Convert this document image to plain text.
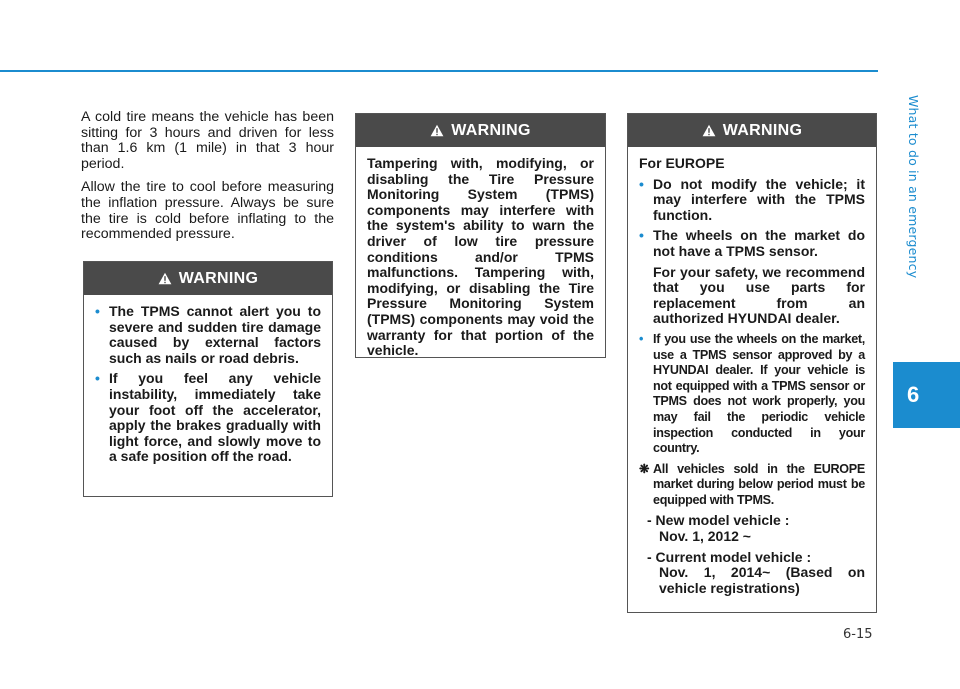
What to do in an emergency
6

A cold tire means the vehicle has been sitting for 3 hours and driven for less than 1.6 km (1 mile) in that 3 hour period.

Allow the tire to cool before measuring the inflation pressure. Always be sure the tire is cold before inflating to the recommended pressure.

WARNING
• The TPMS cannot alert you to severe and sudden tire damage caused by external factors such as nails or road debris.
• If you feel any vehicle instability, immediately take your foot off the accelerator, apply the brakes gradually with light force, and slowly move to a safe position off the road.
WARNING

Tampering with, modifying, or disabling the Tire Pressure Monitoring System (TPMS) components may interfere with the system's ability to warn the driver of low tire pressure conditions and/or TPMS malfunctions. Tampering with, modifying, or disabling the Tire Pressure Monitoring System (TPMS) components may void the warranty for that portion of the vehicle.

WARNING

For EUROPE

• Do not modify the vehicle; it may interfere with the TPMS function.
• The wheels on the market do not have a TPMS sensor.
For your safety, we recommend that you use parts for replacement from an authorized HYUNDAI dealer.
• If you use the wheels on the market, use a TPMS sensor approved by a HYUNDAI dealer. If your vehicle is not equipped with a TPMS sensor or TPMS does not work properly, you may fail the periodic vehicle inspection conducted in your country.
❋ All vehicles sold in the EUROPE market during below period must be equipped with TPMS.
- New model vehicle :
Nov. 1, 2012 ~
- Current model vehicle :
Nov. 1, 2014~ (Based on vehicle registrations)
6-15
